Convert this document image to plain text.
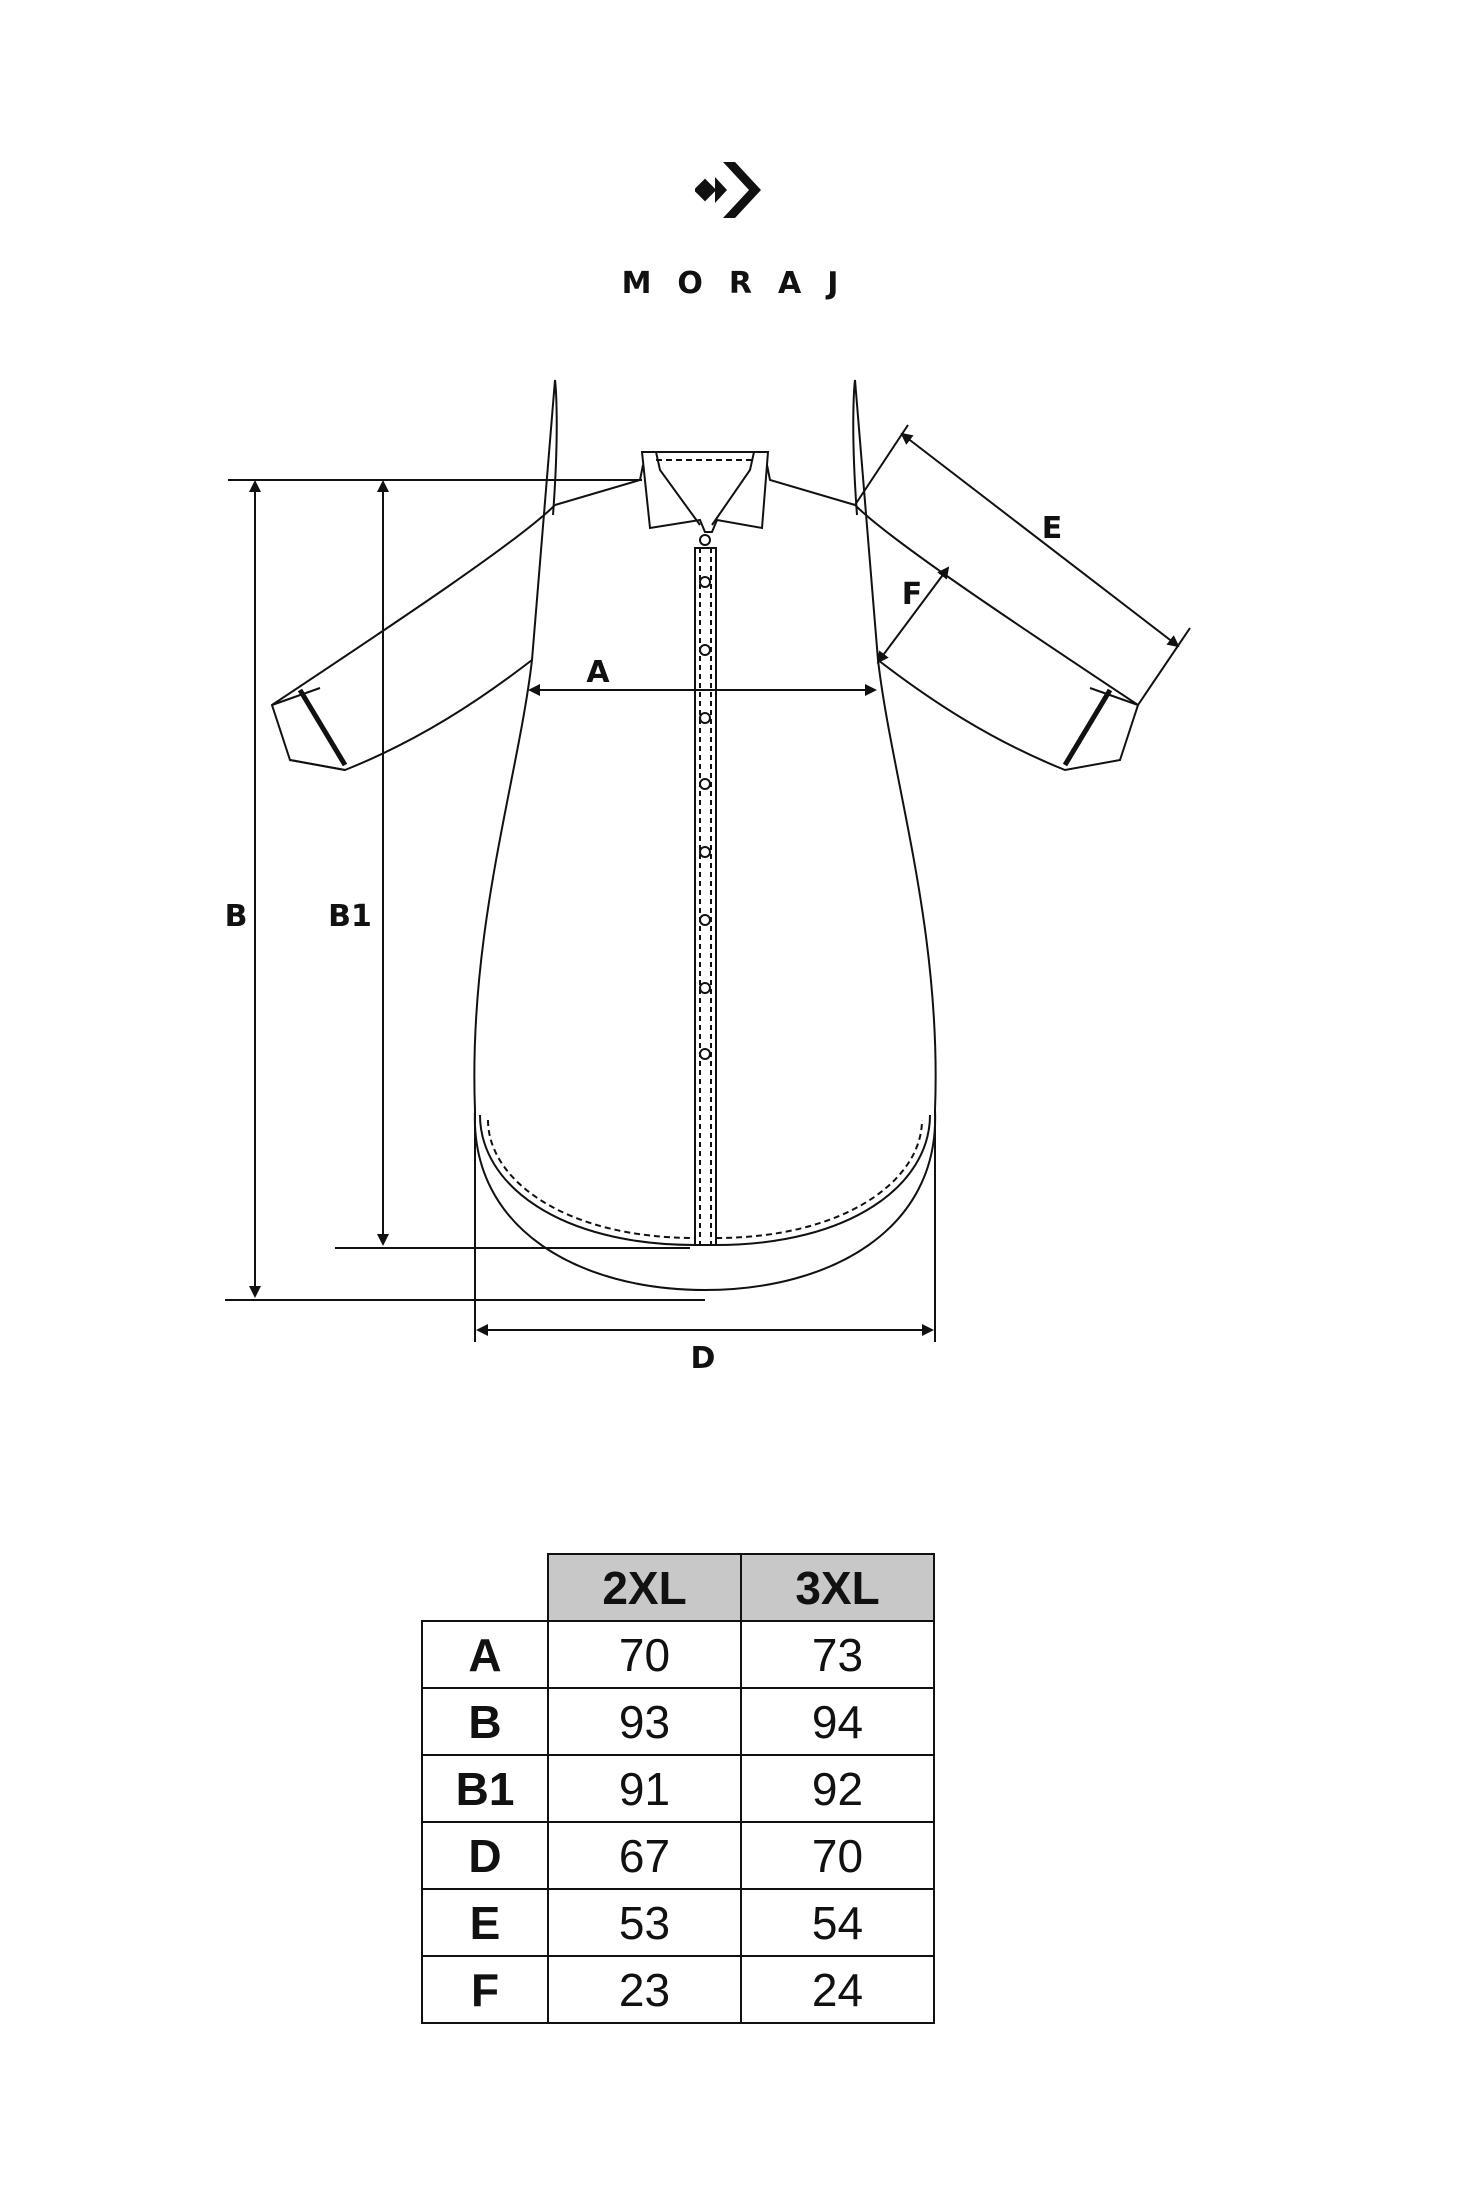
MORAJ
A
B	B1
D
E
F
	2XL	3XL
A	70	73
B	93	94
B1	91	92
D	67	70
E	53	54
F	23	24
